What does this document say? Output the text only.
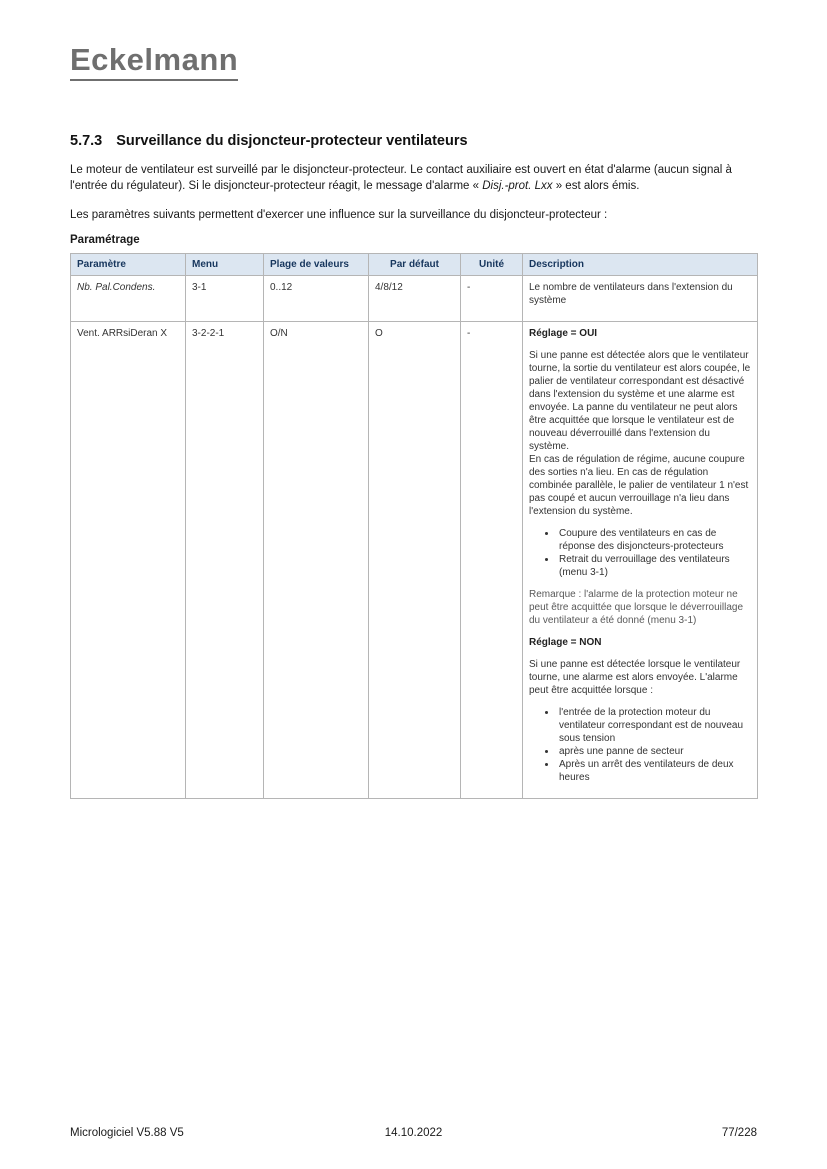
Eckelmann
5.7.3 Surveillance du disjoncteur-protecteur ventilateurs

Le moteur de ventilateur est surveillé par le disjoncteur-protecteur. Le contact auxiliaire est ouvert en état d'alarme (aucun signal à l'entrée du régulateur). Si le disjoncteur-protecteur réagit, le message d'alarme « Disj.-prot. Lxx » est alors émis.

Les paramètres suivants permettent d'exercer une influence sur la surveillance du disjoncteur-protecteur :

Paramétrage

Paramètre	Menu	Plage de valeurs	Par défaut	Unité	Description
Nb. Pal.Condens.	3-1	0..12	4/8/12	-	Le nombre de ventilateurs dans l'extension du système

Vent. ARRsiDeran X	3-2-2-1	O/N	O	-	Réglage = OUI

Si une panne est détectée alors que le ventilateur tourne, la sortie du ventilateur est alors coupée, le palier de ventilateur correspondant est désactivé dans l'extension du système et une alarme est envoyée. La panne du ventilateur ne peut alors être acquittée que lorsque le ventilateur est de nouveau déverrouillé dans l'extension du système.
En cas de régulation de régime, aucune coupure des sorties n'a lieu. En cas de régulation combinée parallèle, le palier de ventilateur 1 n'est pas coupé et aucun verrouillage n'a lieu dans l'extension du système.

• Coupure des ventilateurs en cas de réponse des disjoncteurs-protecteurs
• Retrait du verrouillage des ventilateurs (menu 3-1)

Remarque : l'alarme de la protection moteur ne peut être acquittée que lorsque le déverrouillage du ventilateur a été donné (menu 3-1)

Réglage = NON

Si une panne est détectée lorsque le ventilateur tourne, une alarme est alors envoyée. L'alarme peut être acquittée lorsque :

• l'entrée de la protection moteur du ventilateur correspondant est de nouveau sous tension
• après une panne de secteur
• Après un arrêt des ventilateurs de deux heures
Micrologiciel V5.88 V5	14.10.2022	77/228
